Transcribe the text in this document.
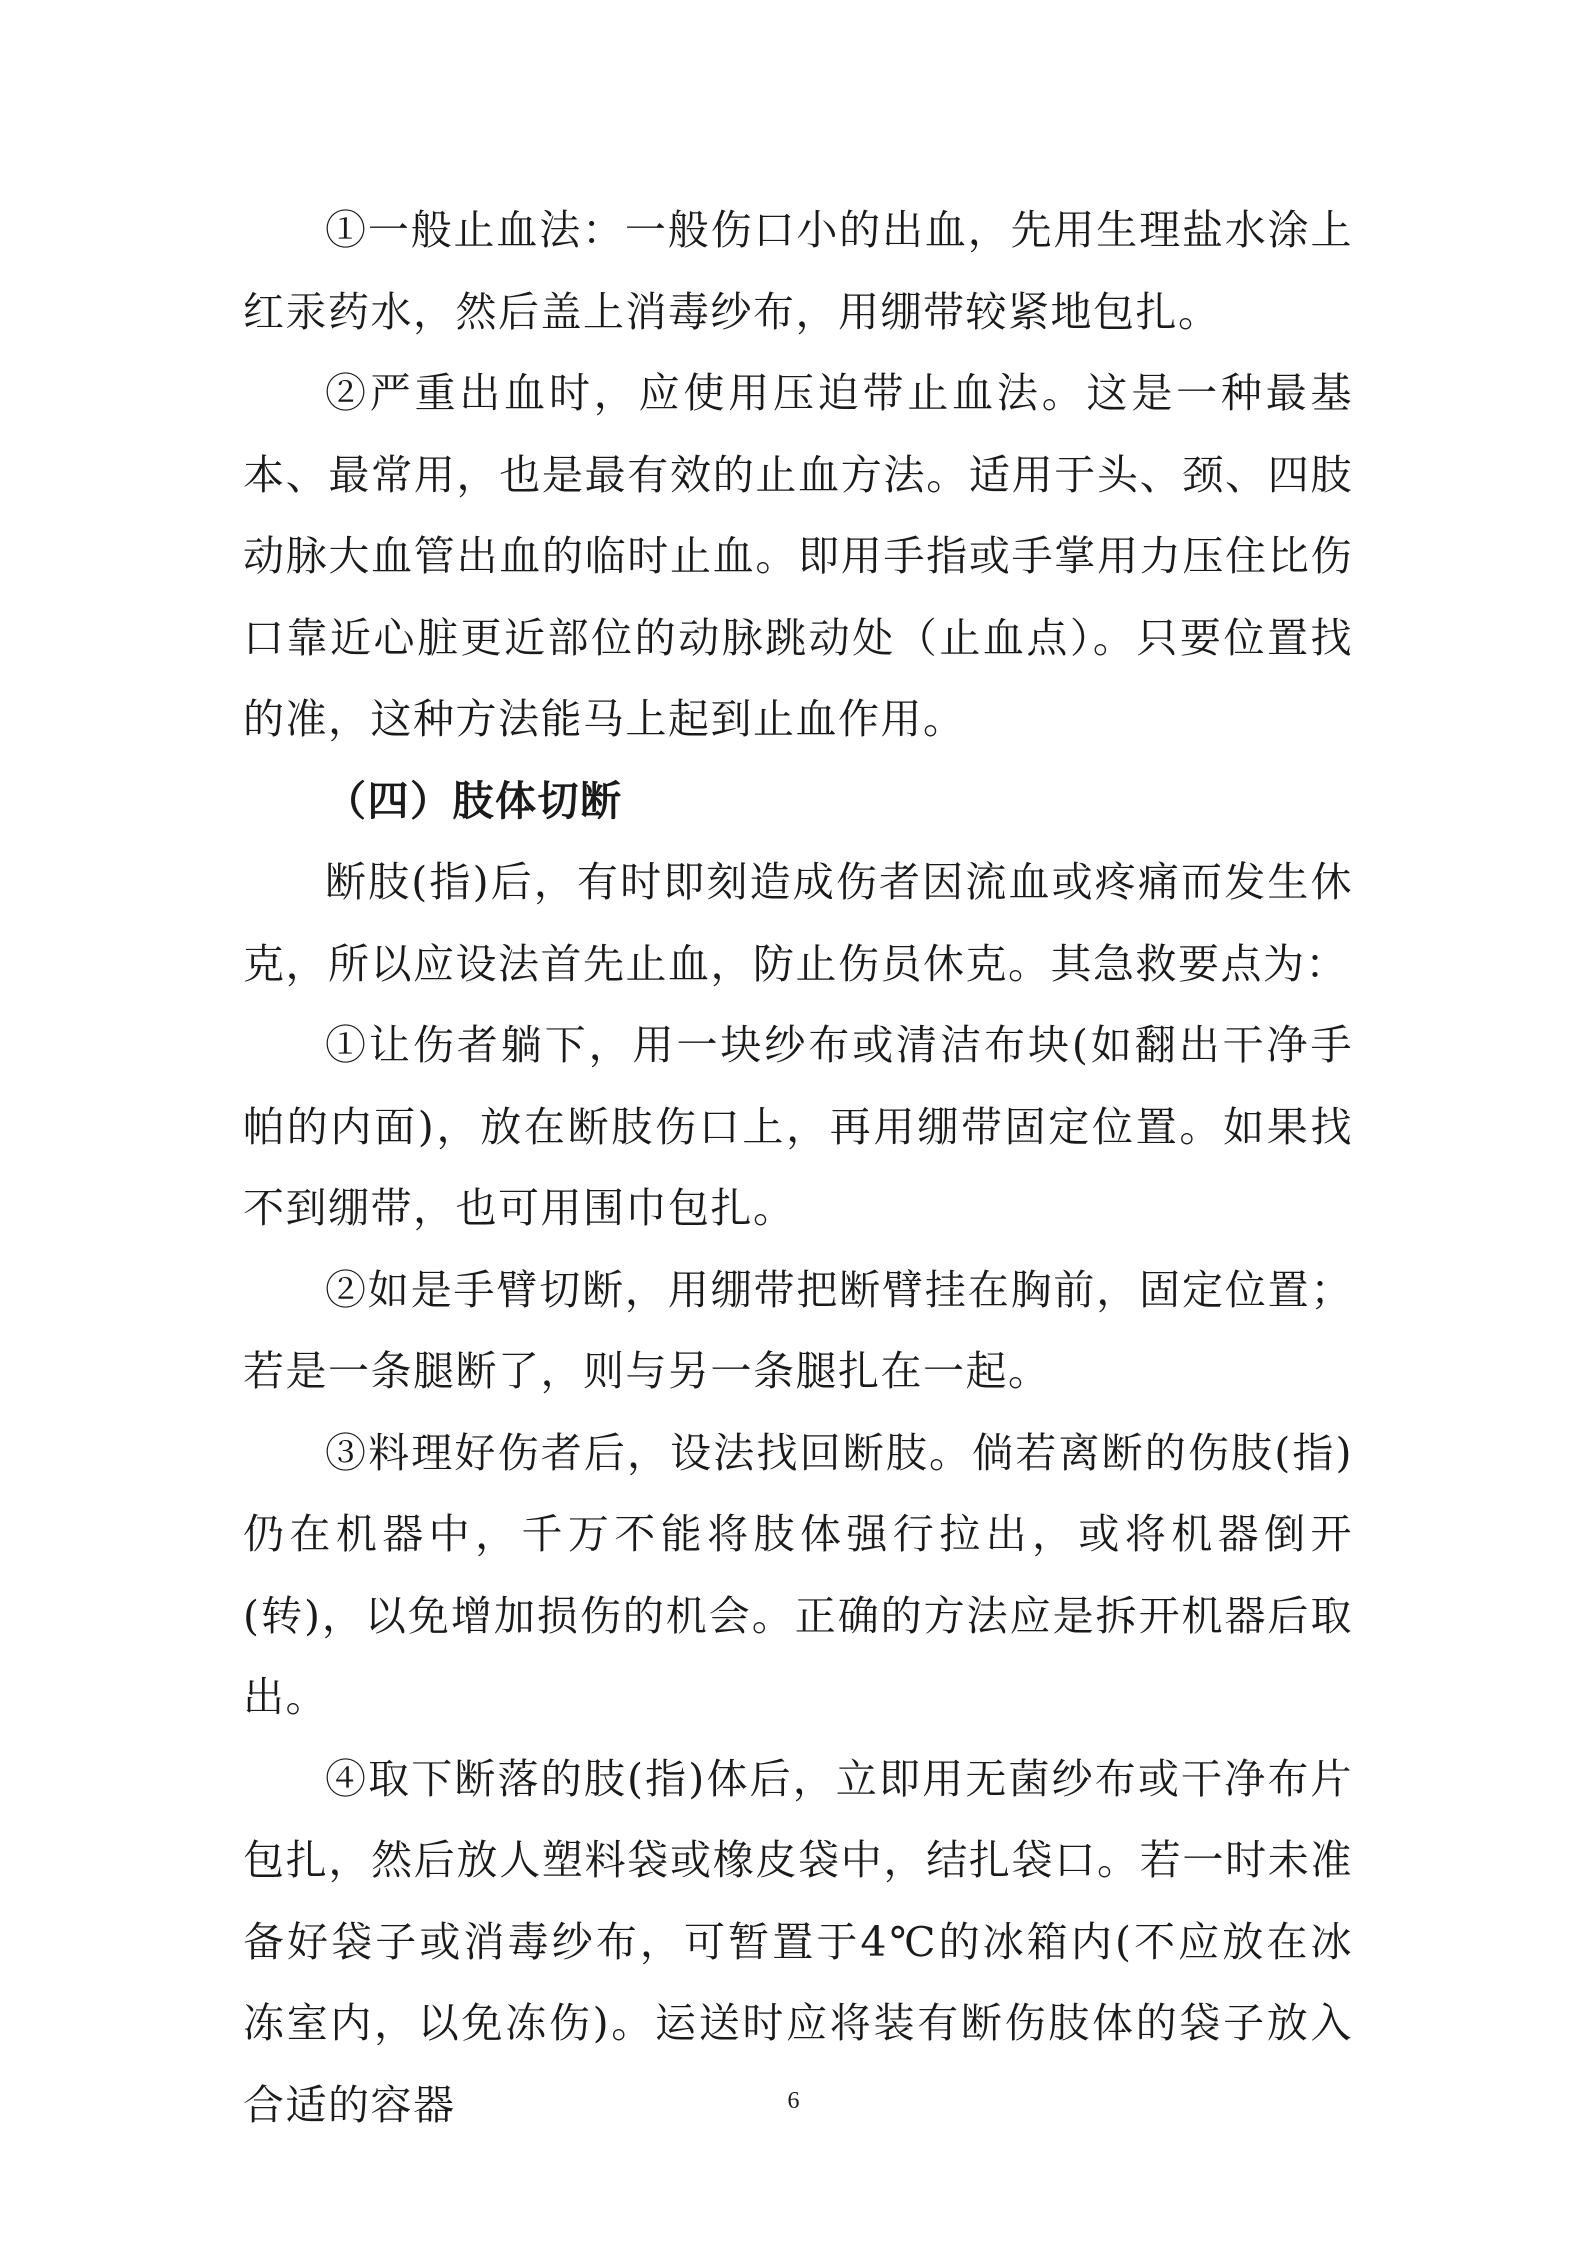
①一般止血法：一般伤口小的出血，先用生理盐水涂上红汞药水，然后盖上消毒纱布，用绷带较紧地包扎。

②严重出血时，应使用压迫带止血法。这是一种最基本、最常用，也是最有效的止血方法。适用于头、颈、四肢动脉大血管出血的临时止血。即用手指或手掌用力压住比伤口靠近心脏更近部位的动脉跳动处（止血点）。只要位置找的准，这种方法能马上起到止血作用。

（四）肢体切断

断肢(指)后，有时即刻造成伤者因流血或疼痛而发生休克，所以应设法首先止血，防止伤员休克。其急救要点为：

①让伤者躺下，用一块纱布或清洁布块(如翻出干净手帕的内面)，放在断肢伤口上，再用绷带固定位置。如果找不到绷带，也可用围巾包扎。

②如是手臂切断，用绷带把断臂挂在胸前，固定位置；若是一条腿断了，则与另一条腿扎在一起。

③料理好伤者后，设法找回断肢。倘若离断的伤肢(指)仍在机器中，千万不能将肢体强行拉出，或将机器倒开(转)，以免增加损伤的机会。正确的方法应是拆开机器后取出。

④取下断落的肢(指)体后，立即用无菌纱布或干净布片包扎，然后放人塑料袋或橡皮袋中，结扎袋口。若一时未准备好袋子或消毒纱布，可暂置于4℃的冰箱内(不应放在冰冻室内，以免冻伤)。运送时应将装有断伤肢体的袋子放入合适的容器	6
